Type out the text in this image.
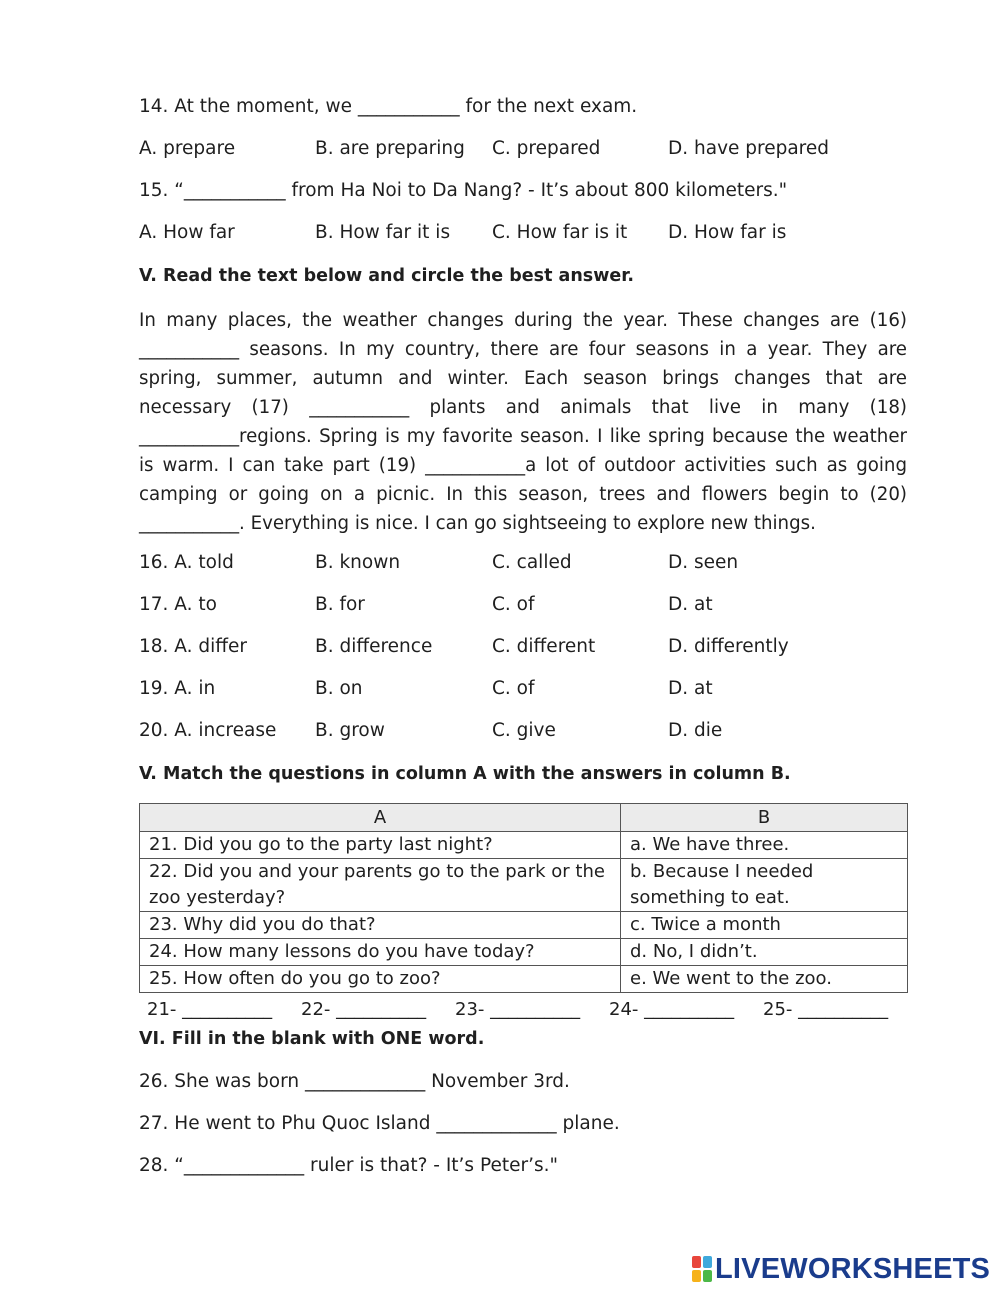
14. At the moment, we ___________ for the next exam.
A. prepare	B. are preparing C. prepared	D. have prepared
15. “___________ from Ha Noi to Da Nang? - It’s about 800 kilometers."
A. How far	B. How far it is C. How far is it D. How far is
V. Read the text below and circle the best answer.
In many places, the weather changes during the year. These changes are (16)
___________ seasons. In my country, there are four seasons in a year. They are
spring, summer, autumn and winter. Each season brings changes that are
necessary (17) ___________ plants and animals that live in many (18)
___________regions. Spring is my favorite season. I like spring because the weather
is warm. I can take part (19) ___________a lot of outdoor activities such as going
camping or going on a picnic. In this season, trees and flowers begin to (20)
___________. Everything is nice. I can go sightseeing to explore new things.
16. A. told	B. known	C. called	D. seen
17. A. to	B. for	C. of	D. at
18. A. differ	B. difference	C. different	D. differently
19. A. in	B. on	C. of	D. at
20. A. increase B. grow	C. give	D. die
V. Match the questions in column A with the answers in column B.
A	B
21. Did you go to the party last night?	a. We have three.
22. Did you and your parents go to the park or the zoo yesterday?	b. Because I needed something to eat.
23. Why did you do that?	c. Twice a month
24. How many lessons do you have today?	d. No, I didn’t.
25. How often do you go to zoo?	e. We went to the zoo.
21- __________ 22- __________ 23- __________ 24- __________ 25- __________
VI. Fill in the blank with ONE word.
26. She was born _____________ November 3rd.
27. He went to Phu Quoc Island _____________ plane.
28. “_____________ ruler is that? - It’s Peter’s."
LIVEWORKSHEETS
